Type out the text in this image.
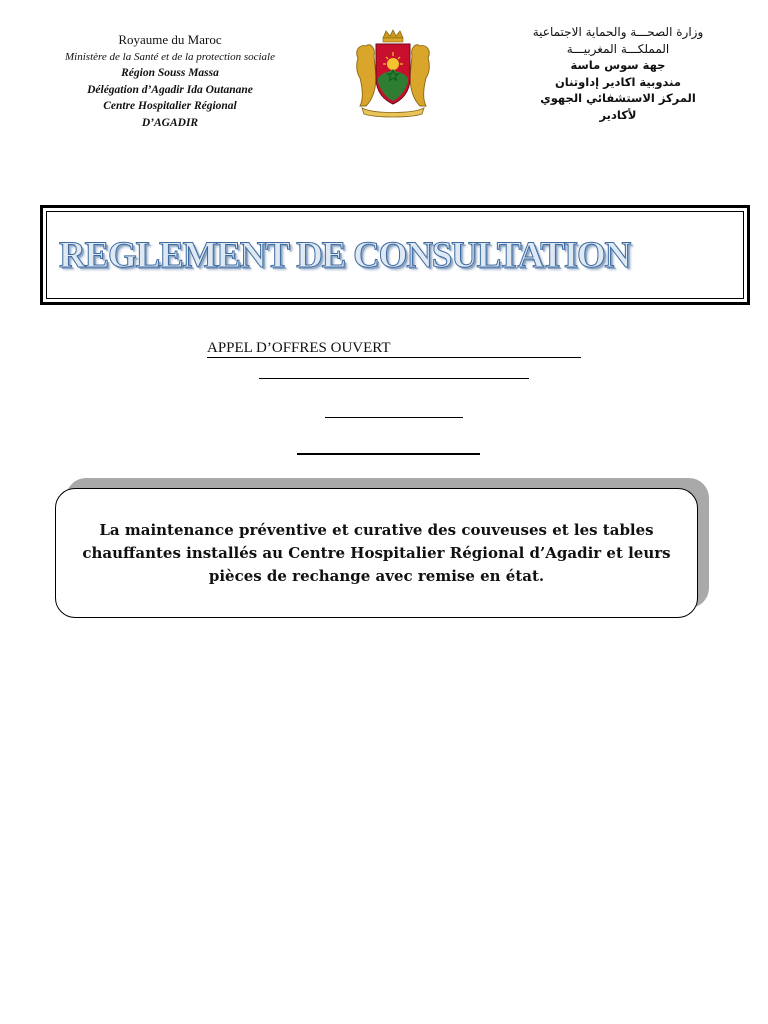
Royaume du Maroc
Ministère de la Santé et de la protection sociale
Région Souss Massa
Délégation d’Agadir Ida Outanane
Centre Hospitalier Régional
D’AGADIR
وزارة الصحـــة والحماية الاجتماعية
المملكـــة المغربيـــة
جهة سوس ماسة
مندوبية اكادير إداوتنان
المركز الاستشفائي الجهوي
لأكادير
REGLEMENT DE CONSULTATION
APPEL D’OFFRES OUVERT
La maintenance préventive et curative des couveuses et les tables chauffantes installés au Centre Hospitalier Régional d’Agadir et leurs pièces de rechange avec remise en état.
